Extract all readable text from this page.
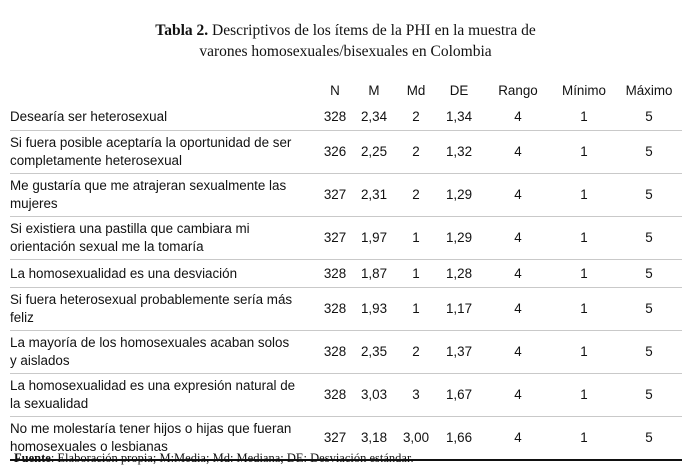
Tabla 2. Descriptivos de los ítems de la PHI en la muestra de
varones homosexuales/bisexuales en Colombia
	N	M	Md	DE	Rango	Mínimo	Máximo

Desearía ser heterosexual	328	2,34	2	1,34	4	1	5

Si fuera posible aceptaría la oportunidad de ser
completamente heterosexual	326	2,25	2	1,32	4	1	5

Me gustaría que me atrajeran sexualmente las
mujeres	327	2,31	2	1,29	4	1	5

Si existiera una pastilla que cambiara mi
orientación sexual me la tomaría	327	1,97	1	1,29	4	1	5

La homosexualidad es una desviación	328	1,87	1	1,28	4	1	5

Si fuera heterosexual probablemente sería más
feliz	328	1,93	1	1,17	4	1	5

La mayoría de los homosexuales acaban solos
y aislados	328	2,35	2	1,37	4	1	5

La homosexualidad es una expresión natural de
la sexualidad	328	3,03	3	1,67	4	1	5

No me molestaría tener hijos o hijas que fueran
homosexuales o lesbianas	327	3,18	3,00	1,66	4	1	5
Fuente: Elaboración propia; M:Media; Md: Mediana; DE: Desviación estándar.
